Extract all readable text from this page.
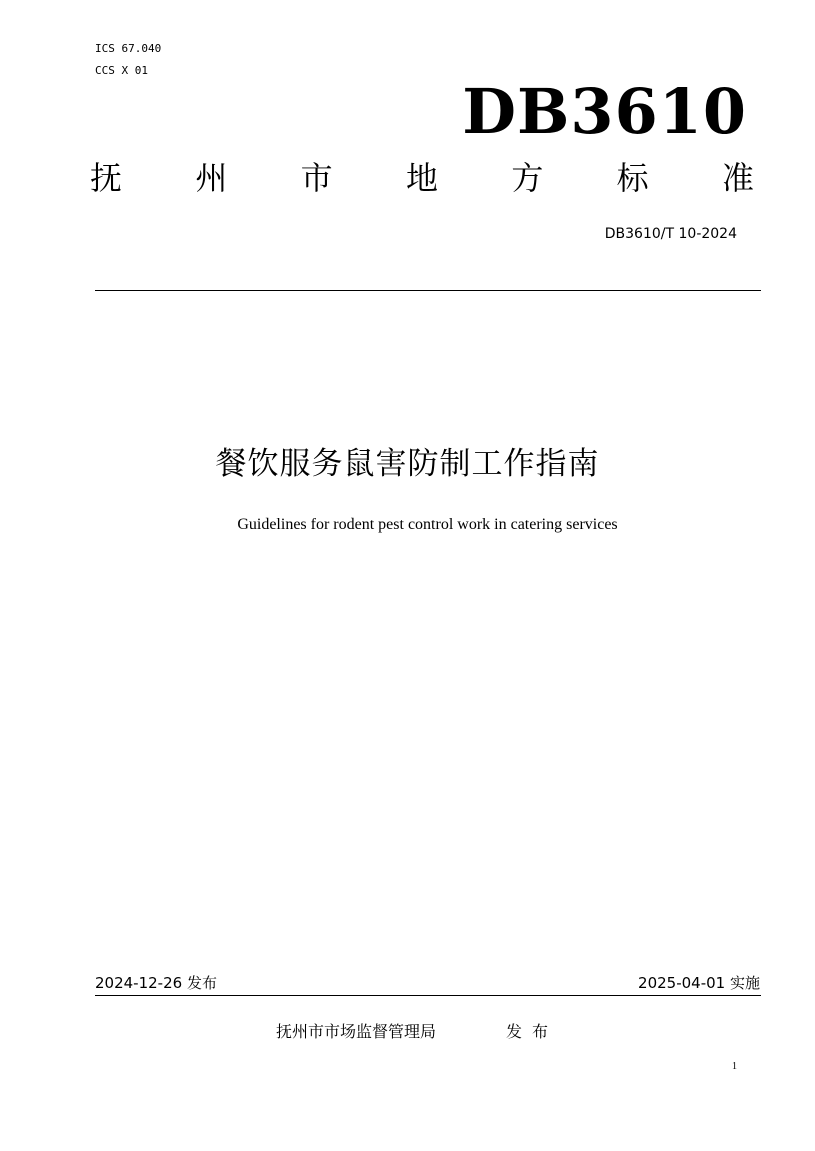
ICS 67.040
CCS X 01
DB3610
抚 州 市 地 方 标 准
DB3610/T 10-2024
餐饮服务鼠害防制工作指南
Guidelines for rodent pest control work in catering services
2024-12-26 发布	2025-04-01 实施
抚州市市场监督管理局	发布
1
